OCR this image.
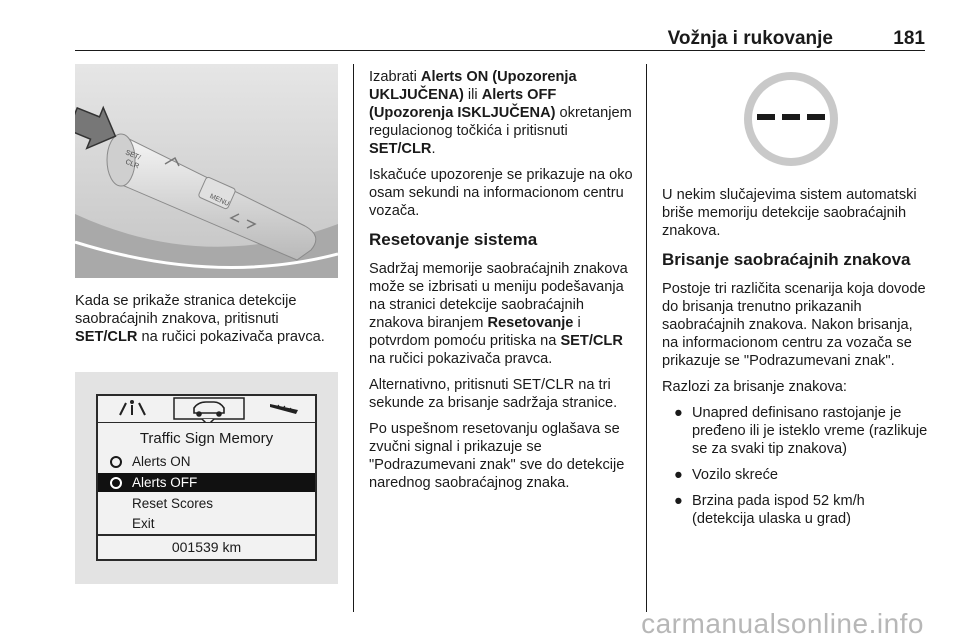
Vožnja i rukovanje	181
SET/
CLR
MENU

Kada se prikaže stranica detekcije saobraćajnih znakova, pritisnuti SET/CLR na ručici pokazivača pravca.

Traffic Sign Memory
Alerts ON
Alerts OFF
Reset Scores
Exit
001539 km

Izabrati Alerts ON (Upozorenja UKLJUČENA) ili Alerts OFF (Upozorenja ISKLJUČENA) okretanjem regulacionog točkića i pritisnuti SET/CLR.

Iskačuće upozorenje se prikazuje na oko osam sekundi na informacionom centru vozača.

Resetovanje sistema

Sadržaj memorije saobraćajnih znakova može se izbrisati u meniju podešavanja na stranici detekcije saobraćajnih znakova biranjem Resetovanje i potvrdom pomoću pritiska na SET/CLR na ručici pokazivača pravca.

Alternativno, pritisnuti SET/CLR na tri sekunde za brisanje sadržaja stranice.

Po uspešnom resetovanju oglašava se zvučni signal i prikazuje se "Podrazumevani znak" sve do detekcije narednog saobraćajnog znaka.

U nekim slučajevima sistem automatski briše memoriju detekcije saobraćajnih znakova.

Brisanje saobraćajnih znakova

Postoje tri različita scenarija koja dovode do brisanja trenutno prikazanih saobraćajnih znakova. Nakon brisanja, na informacionom centru za vozača se prikazuje se "Podrazumevani znak".

Razlozi za brisanje znakova:

● Unapred definisano rastojanje je pređeno ili je isteklo vreme (razlikuje se za svaki tip znakova)
● Vozilo skreće
● Brzina pada ispod 52 km/h (detekcija ulaska u grad)
carmanualsonline.info
